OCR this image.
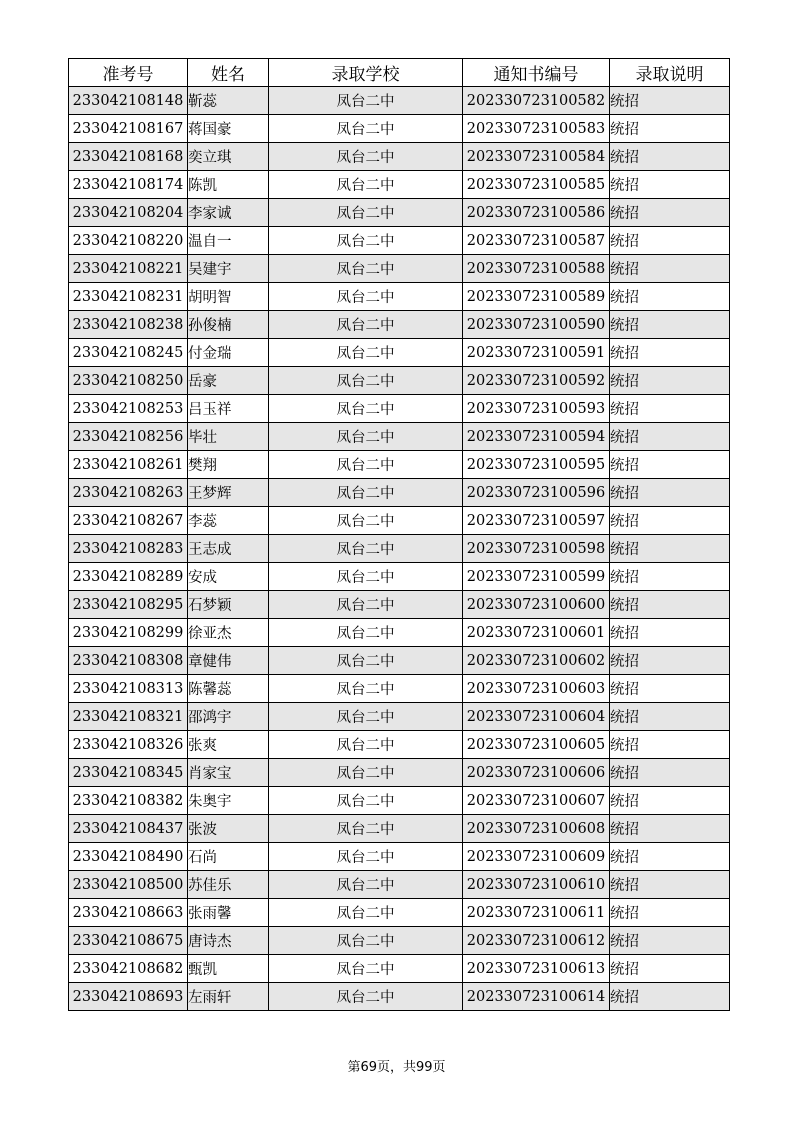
准考号	姓名	录取学校	通知书编号	录取说明
233042108148	靳蕊	凤台二中	202330723100582	统招
233042108167	蒋国豪	凤台二中	202330723100583	统招
233042108168	奕立琪	凤台二中	202330723100584	统招
233042108174	陈凯	凤台二中	202330723100585	统招
233042108204	李家诚	凤台二中	202330723100586	统招
233042108220	温自一	凤台二中	202330723100587	统招
233042108221	吴建宇	凤台二中	202330723100588	统招
233042108231	胡明智	凤台二中	202330723100589	统招
233042108238	孙俊楠	凤台二中	202330723100590	统招
233042108245	付金瑞	凤台二中	202330723100591	统招
233042108250	岳豪	凤台二中	202330723100592	统招
233042108253	吕玉祥	凤台二中	202330723100593	统招
233042108256	毕壮	凤台二中	202330723100594	统招
233042108261	樊翔	凤台二中	202330723100595	统招
233042108263	王梦辉	凤台二中	202330723100596	统招
233042108267	李蕊	凤台二中	202330723100597	统招
233042108283	王志成	凤台二中	202330723100598	统招
233042108289	安成	凤台二中	202330723100599	统招
233042108295	石梦颖	凤台二中	202330723100600	统招
233042108299	徐亚杰	凤台二中	202330723100601	统招
233042108308	章健伟	凤台二中	202330723100602	统招
233042108313	陈馨蕊	凤台二中	202330723100603	统招
233042108321	邵鸿宇	凤台二中	202330723100604	统招
233042108326	张爽	凤台二中	202330723100605	统招
233042108345	肖家宝	凤台二中	202330723100606	统招
233042108382	朱奥宇	凤台二中	202330723100607	统招
233042108437	张波	凤台二中	202330723100608	统招
233042108490	石尚	凤台二中	202330723100609	统招
233042108500	苏佳乐	凤台二中	202330723100610	统招
233042108663	张雨馨	凤台二中	202330723100611	统招
233042108675	唐诗杰	凤台二中	202330723100612	统招
233042108682	甄凯	凤台二中	202330723100613	统招
233042108693	左雨轩	凤台二中	202330723100614	统招
第69页，共99页
